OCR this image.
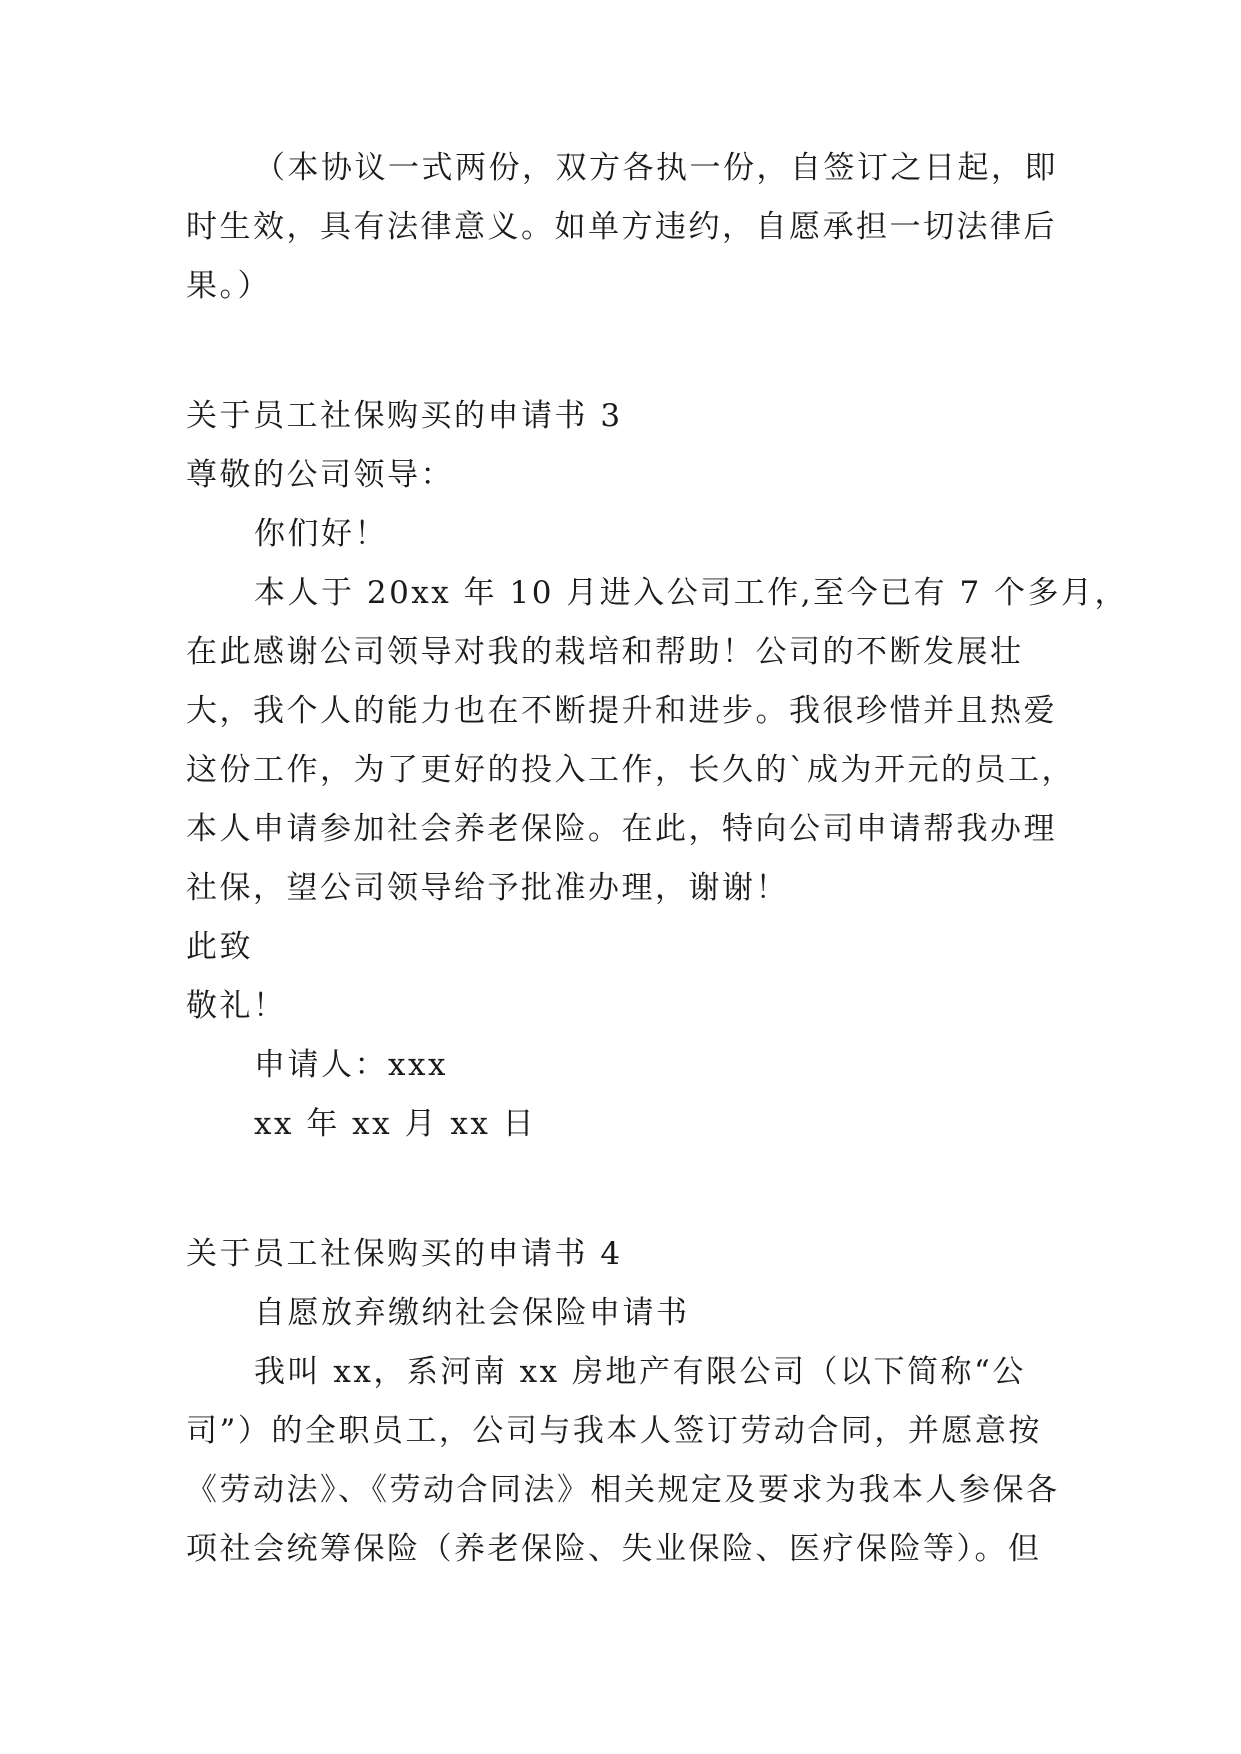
（本协议一式两份，双方各执一份，自签订之日起，即
时生效，具有法律意义。如单方违约，自愿承担一切法律后
果。）
关于员工社保购买的申请书 3
尊敬的公司领导：
你们好！
本人于 20xx 年 10 月进入公司工作,至今已有 7 个多月，
在此感谢公司领导对我的栽培和帮助！公司的不断发展壮
大，我个人的能力也在不断提升和进步。我很珍惜并且热爱
这份工作，为了更好的投入工作，长久的`成为开元的员工，
本人申请参加社会养老保险。在此，特向公司申请帮我办理
社保，望公司领导给予批准办理，谢谢！
此致
敬礼！
申请人：xxx
xx 年 xx 月 xx 日
关于员工社保购买的申请书 4
自愿放弃缴纳社会保险申请书
我叫 xx，系河南 xx 房地产有限公司（以下简称“公
司”）的全职员工，公司与我本人签订劳动合同，并愿意按
《劳动法》、《劳动合同法》相关规定及要求为我本人参保各
项社会统筹保险（养老保险、失业保险、医疗保险等）。但
